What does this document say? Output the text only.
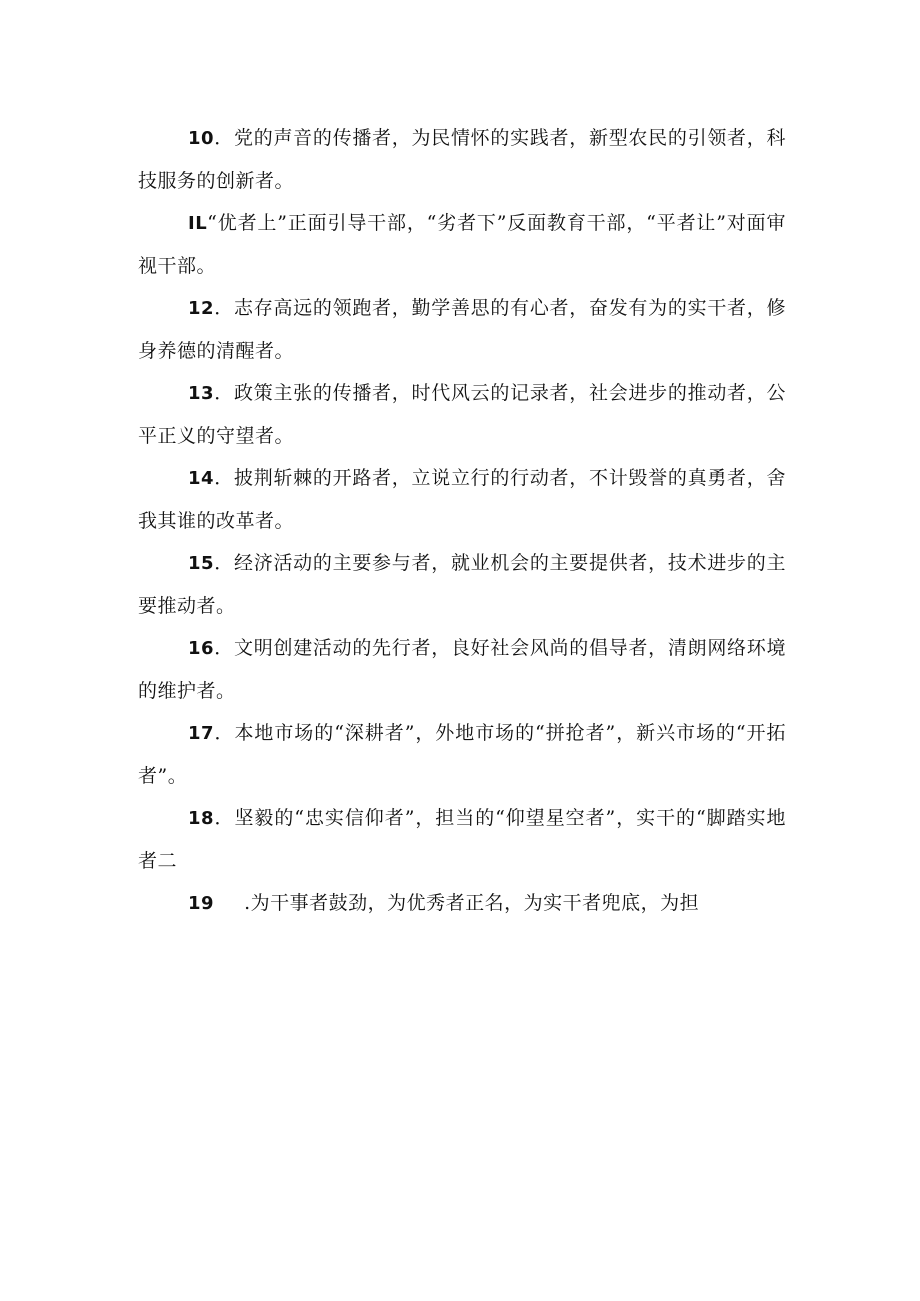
10．党的声音的传播者，为民情怀的实践者，新型农民的引领者，科技服务的创新者。

IL“优者上”正面引导干部，“劣者下”反面教育干部，“平者让”对面审视干部。

12．志存高远的领跑者，勤学善思的有心者，奋发有为的实干者，修身养德的清醒者。

13．政策主张的传播者，时代风云的记录者，社会进步的推动者，公平正义的守望者。

14．披荆斩棘的开路者，立说立行的行动者，不计毁誉的真勇者，舍我其谁的改革者。

15．经济活动的主要参与者，就业机会的主要提供者，技术进步的主要推动者。

16．文明创建活动的先行者，良好社会风尚的倡导者，清朗网络环境的维护者。

17．本地市场的“深耕者”，外地市场的“拼抢者”，新兴市场的“开拓者”。

18．坚毅的“忠实信仰者”，担当的“仰望星空者”，实干的“脚踏实地者二

19 .为干事者鼓劲，为优秀者正名，为实干者兜底，为担
